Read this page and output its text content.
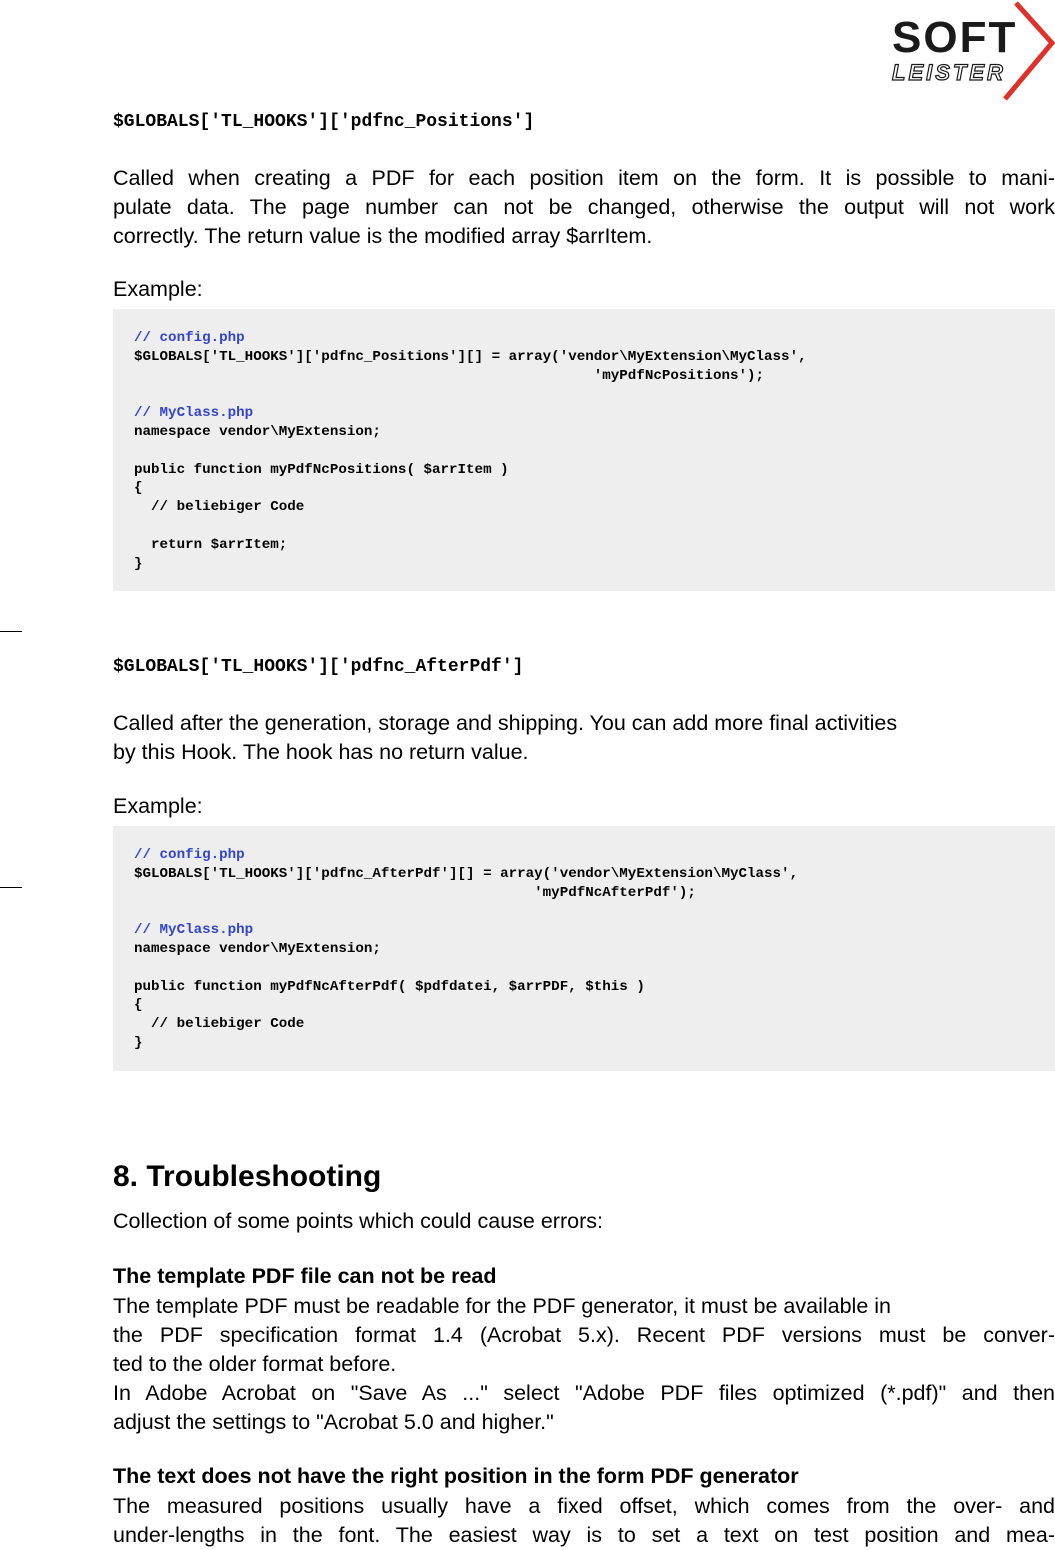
SOFT
LEISTER
$GLOBALS['TL_HOOKS']['pdfnc_Positions']
Called when creating a PDF for each position item on the form. It is possible to mani-
pulate data. The page number can not be changed, otherwise the output will not work
correctly. The return value is the modified array $arrItem.

Example:

// config.php
$GLOBALS['TL_HOOKS']['pdfnc_Positions'][] = array('vendor\MyExtension\MyClass',
'myPdfNcPositions');
// MyClass.php
namespace vendor\MyExtension;
public function myPdfNcPositions( $arrItem )
{
// beliebiger Code
return $arrItem;
}
$GLOBALS['TL_HOOKS']['pdfnc_AfterPdf']
Called after the generation, storage and shipping. You can add more final activities
by this Hook. The hook has no return value.

Example:

// config.php
$GLOBALS['TL_HOOKS']['pdfnc_AfterPdf'][] = array('vendor\MyExtension\MyClass',
'myPdfNcAfterPdf');
// MyClass.php
namespace vendor\MyExtension;
public function myPdfNcAfterPdf( $pdfdatei, $arrPDF, $this )
{
// beliebiger Code
}
8. Troubleshooting

Collection of some points which could cause errors:

The template PDF file can not be read
The template PDF must be readable for the PDF generator, it must be available in
the PDF specification format 1.4 (Acrobat 5.x). Recent PDF versions must be conver-
ted to the older format before.
In Adobe Acrobat on "Save As ..." select "Adobe PDF files optimized (*.pdf)" and then
adjust the settings to "Acrobat 5.0 and higher."
The text does not have the right position in the form PDF generator
The measured positions usually have a fixed offset, which comes from the over- and
under-lengths in the font. The easiest way is to set a text on test position and mea-
